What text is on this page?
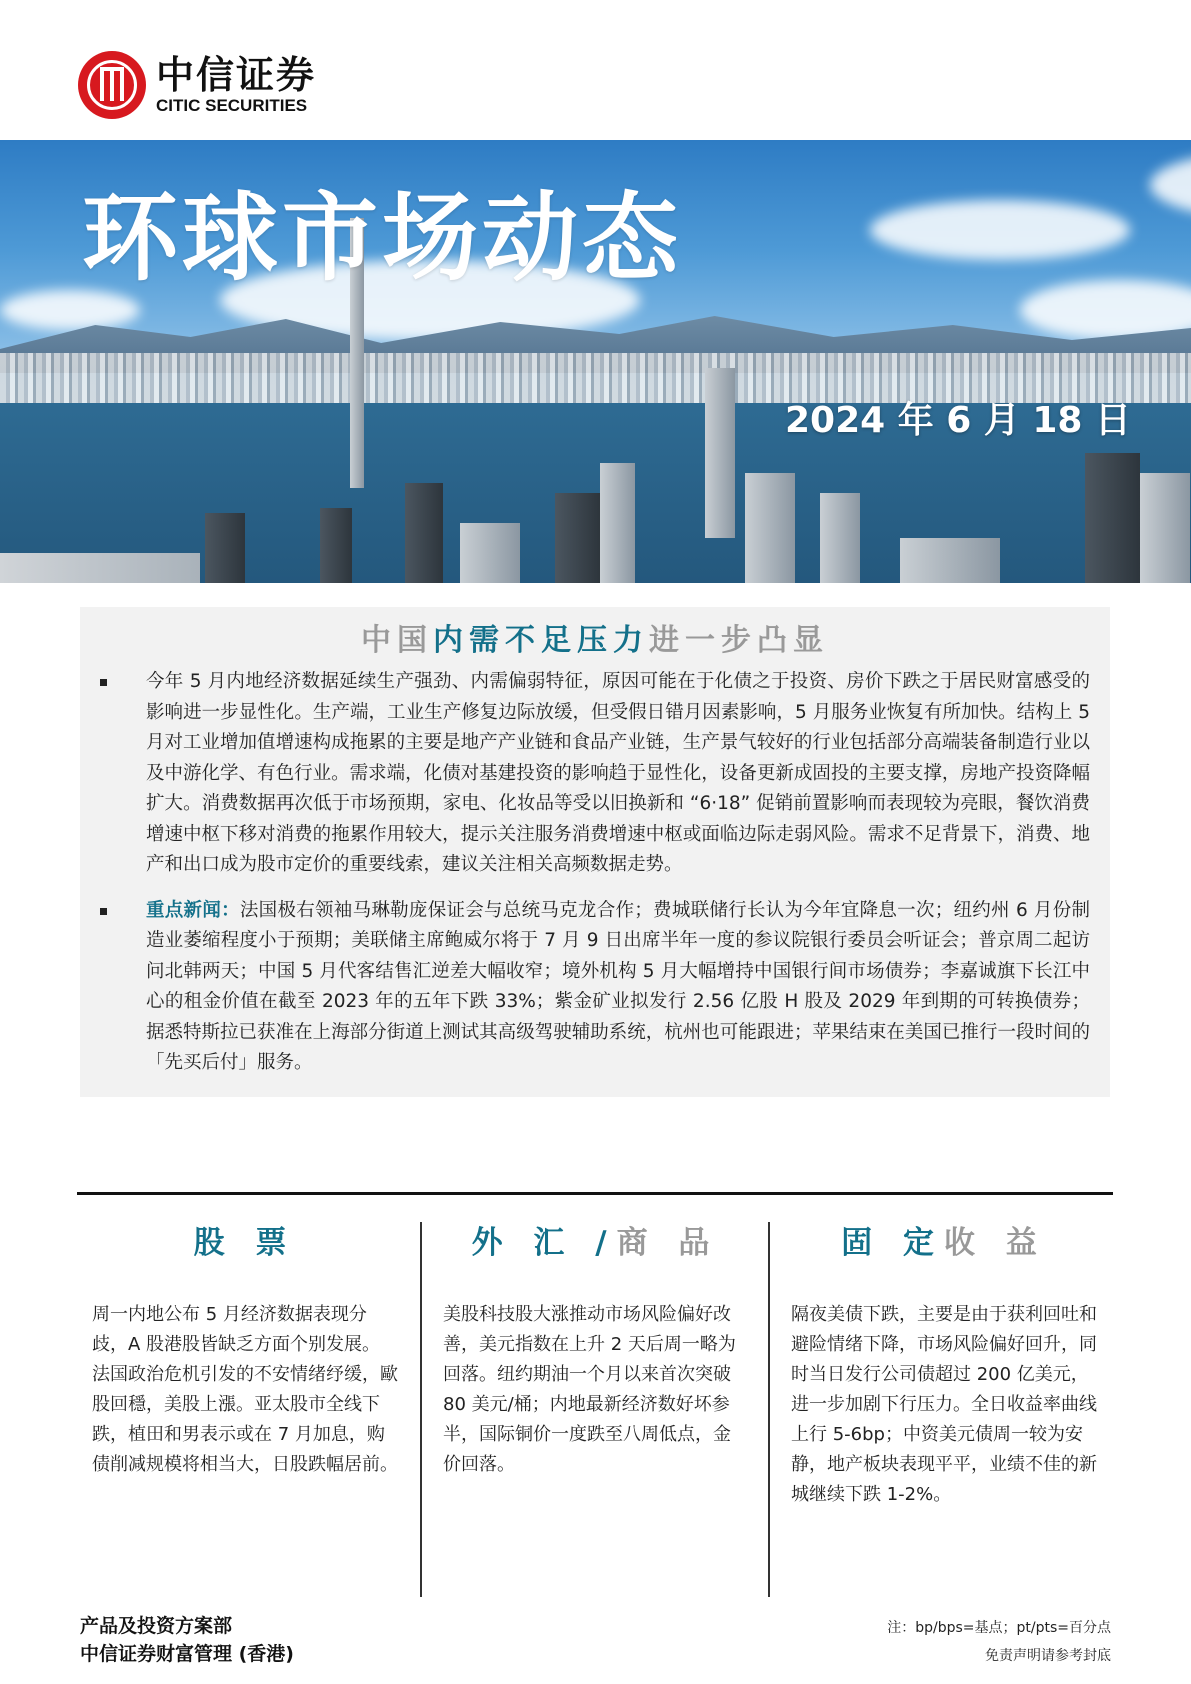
中信证券
CITIC SECURITIES
环球市场动态
2024 年 6 月 18 日
中国内需不足压力进一步凸显
今年 5 月内地经济数据延续生产强劲、内需偏弱特征，原因可能在于化债之于投资、房价下跌之于居民财富感受的影响进一步显性化。生产端，工业生产修复边际放缓，但受假日错月因素影响，5 月服务业恢复有所加快。结构上 5 月对工业增加值增速构成拖累的主要是地产产业链和食品产业链，生产景气较好的行业包括部分高端装备制造行业以及中游化学、有色行业。需求端，化债对基建投资的影响趋于显性化，设备更新成固投的主要支撑，房地产投资降幅扩大。消费数据再次低于市场预期，家电、化妆品等受以旧换新和 “6·18” 促销前置影响而表现较为亮眼，餐饮消费增速中枢下移对消费的拖累作用较大，提示关注服务消费增速中枢或面临边际走弱风险。需求不足背景下，消费、地产和出口成为股市定价的重要线索，建议关注相关高频数据走势。
重点新闻：法国极右领袖马琳勒庞保证会与总统马克龙合作；费城联储行长认为今年宜降息一次；纽约州 6 月份制造业萎缩程度小于预期；美联储主席鲍威尔将于 7 月 9 日出席半年一度的参议院银行委员会听证会；普京周二起访问北韩两天；中国 5 月代客结售汇逆差大幅收窄；境外机构 5 月大幅增持中国银行间市场债券；李嘉诚旗下长江中心的租金价值在截至 2023 年的五年下跌 33%；紫金矿业拟发行 2.56 亿股 H 股及 2029 年到期的可转换债券；据悉特斯拉已获准在上海部分街道上测试其高级驾驶辅助系统，杭州也可能跟进；苹果结束在美国已推行一段时间的「先买后付」服务。
股 票
周一内地公布 5 月经济数据表现分歧，A 股港股皆缺乏方面个别发展。法国政治危机引发的不安情绪纾缓，歐股回穩，美股上漲。亚太股市全线下跌，植田和男表示或在 7 月加息，购债削减规模将相当大，日股跌幅居前。
外 汇 /商 品
美股科技股大涨推动市场风险偏好改善，美元指数在上升 2 天后周一略为回落。纽约期油一个月以来首次突破 80 美元/桶；内地最新经济数好坏参半，国际铜价一度跌至八周低点，金价回落。
固 定收 益
隔夜美债下跌，主要是由于获利回吐和避险情绪下降，市场风险偏好回升，同时当日发行公司债超过 200 亿美元，进一步加剧下行压力。全日收益率曲线上行 5-6bp；中资美元债周一较为安静，地产板块表现平平，业绩不佳的新城继续下跌 1-2%。
产品及投资方案部
中信证券财富管理 (香港)
注：bp/bps=基点；pt/pts=百分点
免责声明请参考封底
